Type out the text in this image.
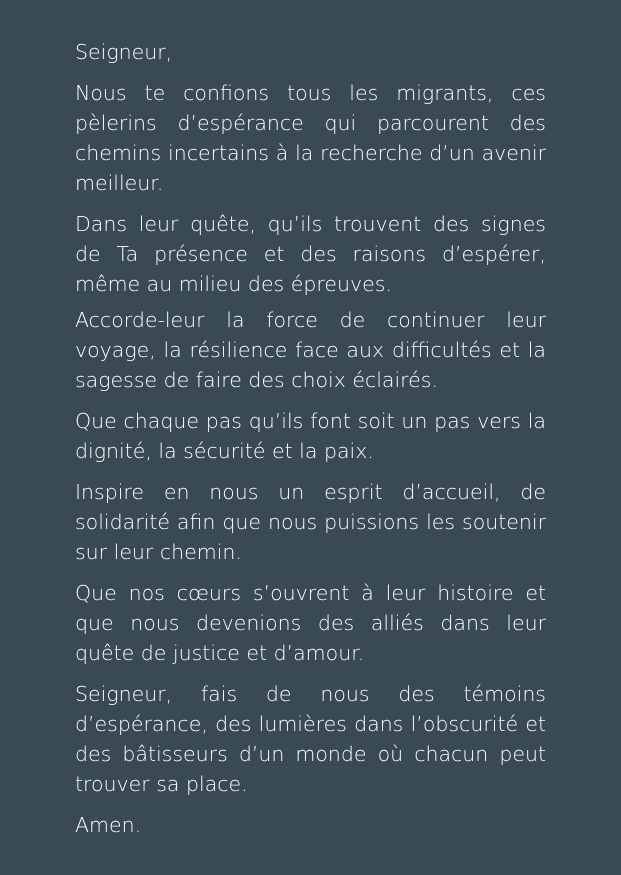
Seigneur,

Nous te confions tous les migrants, ces pèlerins d’espérance qui parcourent des chemins incertains à la recherche d’un avenir meilleur.

Dans leur quête, qu’ils trouvent des signes de Ta présence et des raisons d’espérer, même au milieu des épreuves.

Accorde-leur la force de continuer leur voyage, la résilience face aux difficultés et la sagesse de faire des choix éclairés.

Que chaque pas qu’ils font soit un pas vers la dignité, la sécurité et la paix.

Inspire en nous un esprit d’accueil, de solidarité afin que nous puissions les soutenir sur leur chemin.

Que nos cœurs s’ouvrent à leur histoire et que nous devenions des alliés dans leur quête de justice et d’amour.

Seigneur, fais de nous des témoins d’espérance, des lumières dans l’obscurité et des bâtisseurs d’un monde où chacun peut trouver sa place.

Amen.
